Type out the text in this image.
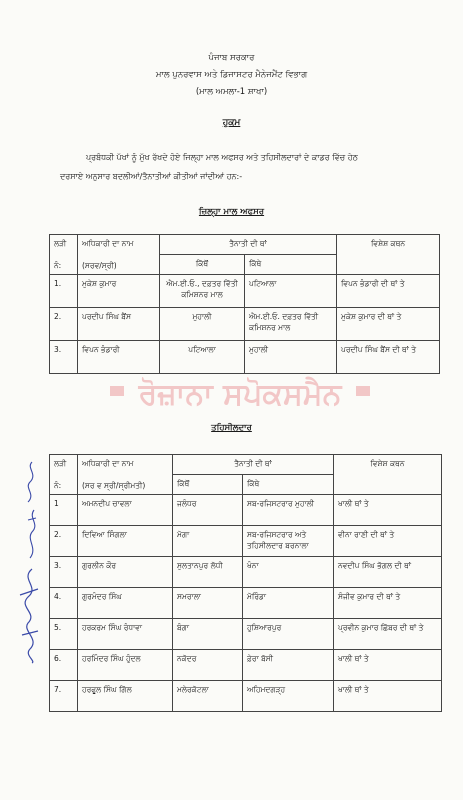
ਪੰਜਾਬ ਸਰਕਾਰ
ਮਾਲ ਪੁਨਰਵਾਸ ਅਤੇ ਡਿਜਾਸਟਰ ਮੈਨੇਜਮੈਂਟ ਵਿਭਾਗ
(ਮਾਲ ਅਮਲਾ-1 ਸ਼ਾਖਾ)
ਹੁਕਮ
ਪ੍ਰਬੰਧਕੀ ਪੱਖਾਂ ਨੂੰ ਮੁੱਖ ਰੱਖਦੇ ਹੋਏ ਜਿਲ੍ਹਾ ਮਾਲ ਅਫਸਰ ਅਤੇ ਤਹਿਸੀਲਦਾਰਾਂ ਦੇ ਕਾਡਰ ਵਿੱਚ ਹੇਠ
ਦਰਸਾਏ ਅਨੁਸਾਰ ਬਦਲੀਆਂ/ਤੈਨਾਤੀਆਂ ਕੀਤੀਆਂ ਜਾਂਦੀਆਂ ਹਨ:-
ਜ਼ਿਲ੍ਹਾ ਮਾਲ ਅਫਸਰ
ਲੜੀ

ਨੰ:	ਅਧਿਕਾਰੀ ਦਾ ਨਾਮ

(ਸਰਵ/ਸ੍ਰੀ)	ਤੈਨਾਤੀ ਦੀ ਥਾਂ		ਵਿਸ਼ੇਸ਼ ਕਥਨ
		ਕਿੱਥੋਂ	ਕਿੱਥੇ	
1.	ਮੁਕੇਸ਼ ਕੁਮਾਰ	ਐਮ.ਈ.ਓ., ਦਫ਼ਤਰ ਵਿੱਤੀ ਕਮਿਸ਼ਨਰ ਮਾਲ	ਪਟਿਆਲਾ	ਵਿਪਨ ਭੰਡਾਰੀ ਦੀ ਥਾਂ ਤੇ
2.	ਪਰਦੀਪ ਸਿੰਘ ਬੈਂਸ	ਮੁਹਾਲੀ	ਐਮ.ਈ.ਓ. ਦਫ਼ਤਰ ਵਿੱਤੀ ਕਮਿਸ਼ਨਰ ਮਾਲ	ਮੁਕੇਸ਼ ਕੁਮਾਰ ਦੀ ਥਾਂ ਤੇ
3.	ਵਿਪਨ ਭੰਡਾਰੀ	ਪਟਿਆਲਾ	ਮੁਹਾਲੀ	ਪਰਦੀਪ ਸਿੰਘ ਬੈਂਸ ਦੀ ਥਾਂ ਤੇ
ਰੋਜ਼ਾਨਾ ਸਪੋਕਸਮੈਨ
ਤਹਿਸੀਲਦਾਰ
ਲੜੀ

ਨੰ:	ਅਧਿਕਾਰੀ ਦਾ ਨਾਮ

(ਸਰ ਵ ਸ੍ਰੀ/ਸ੍ਰੀਮਤੀ)	ਤੈਨਾਤੀ ਦੀ ਥਾਂ		ਵਿਸ਼ੇਸ਼ ਕਥਨ
		ਕਿੱਥੋਂ	ਕਿੱਥੇ	
1	ਅਮਨਦੀਪ ਚਾਵਲਾ	ਜਲੰਧਰ	ਸਬ-ਰਜਿਸਟਰਾਰ ਮੁਹਾਲੀ	ਖਾਲੀ ਥਾਂ ਤੇ
2.	ਦਿਵਿਆ ਸਿੰਗਲਾ	ਮੋਗਾ	ਸਬ-ਰਜਿਸਟਰਾਰ ਅਤੇ ਤਹਿਸੀਲਦਾਰ ਬਰਨਾਲਾ	ਵੀਨਾ ਰਾਣੀ ਦੀ ਥਾਂ ਤੇ
3.	ਗੁਰਲੀਨ ਕੌਰ	ਸੁਲਤਾਨਪੁਰ ਲੋਧੀ	ਖੰਨਾ	ਨਵਦੀਪ ਸਿੰਘ ਭੋਗਲ ਦੀ ਥਾਂ
4.	ਗੁਰਮੰਦਰ ਸਿੰਘ	ਸਮਰਾਲਾ	ਮੋਰਿੰਡਾ	ਸੰਜੀਵ ਕੁਮਾਰ ਦੀ ਥਾਂ ਤੇ
5.	ਹਰਕਰਮ ਸਿੰਘ ਰੰਧਾਵਾ	ਬੰਗਾ	ਹੁਸ਼ਿਆਰਪੁਰ	ਪ੍ਰਵੀਨ ਕੁਮਾਰ ਛਿੱਬਰ ਦੀ ਥਾਂ ਤੇ
6.	ਹਰਮਿੰਦਰ ਸਿੰਘ ਹੁੰਦਲ	ਨਕੋਦਰ	ਫ਼ੇਰਾ ਬੱਸੀ	ਖਾਲੀ ਥਾਂ ਤੇ
7.	ਹਰਫੂਲ ਸਿੰਘ ਗਿੱਲ	ਮਲੇਰਕੋਟਲਾ	ਅਹਿਮਦਗੜ੍ਹ	ਖਾਲੀ ਥਾਂ ਤੇ
